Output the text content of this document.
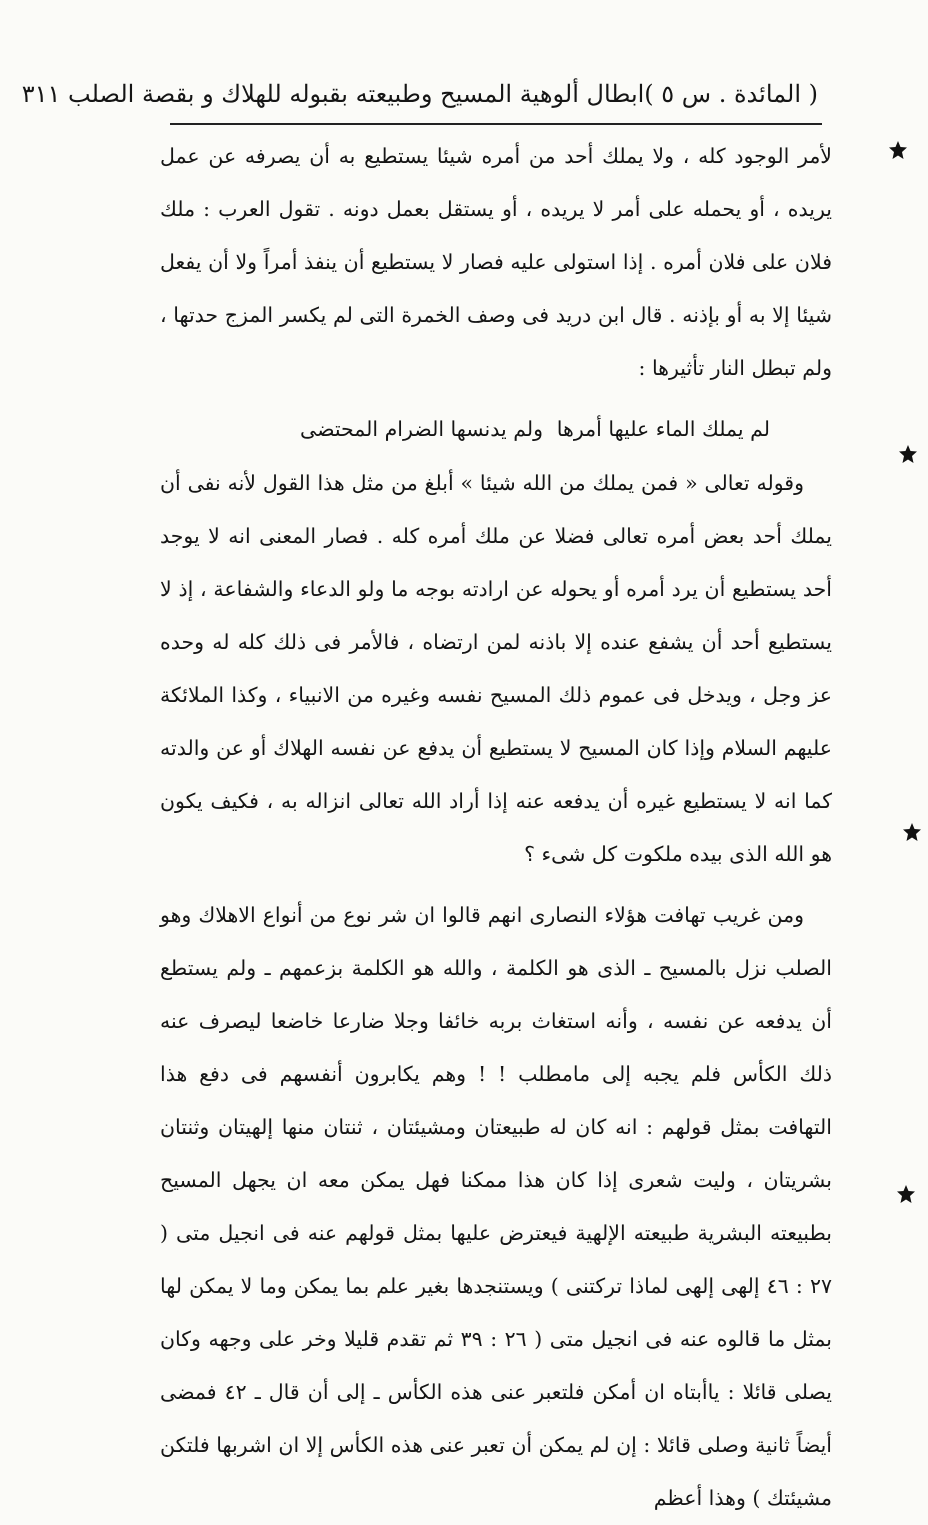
( المائدة . س ٥ )ابطال ألوهية المسيح وطبيعته بقبوله للهلاك و بقصة الصلب ٣١١

لأمر الوجود كله ، ولا يملك أحد من أمره شيئا يستطيع به أن يصرفه عن عمل يريده ، أو يحمله على أمر لا يريده ، أو يستقل بعمل دونه . تقول العرب : ملك فلان على فلان أمره . إذا استولى عليه فصار لا يستطيع أن ينفذ أمراً ولا أن يفعل شيئا إلا به أو بإذنه . قال ابن دريد فى وصف الخمرة التى لم يكسر المزج حدتها ، ولم تبطل النار تأثيرها :

لم يملك الماء عليها أمرها
ولم يدنسها الضرام المحتضى

وقوله تعالى « فمن يملك من الله شيئا » أبلغ من مثل هذا القول لأنه نفى أن يملك أحد بعض أمره تعالى فضلا عن ملك أمره كله . فصار المعنى انه لا يوجد أحد يستطيع أن يرد أمره أو يحوله عن ارادته بوجه ما ولو الدعاء والشفاعة ، إذ لا يستطيع أحد أن يشفع عنده إلا باذنه لمن ارتضاه ، فالأمر فى ذلك كله له وحده عز وجل ، ويدخل فى عموم ذلك المسيح نفسه وغيره من الانبياء ، وكذا الملائكة عليهم السلام وإذا كان المسيح لا يستطيع أن يدفع عن نفسه الهلاك أو عن والدته كما انه لا يستطيع غيره أن يدفعه عنه إذا أراد الله تعالى انزاله به ، فكيف يكون هو الله الذى بيده ملكوت كل شىء ؟

ومن غريب تهافت هؤلاء النصارى انهم قالوا ان شر نوع من أنواع الاهلاك وهو الصلب نزل بالمسيح ـ الذى هو الكلمة ، والله هو الكلمة بزعمهم ـ ولم يستطع أن يدفعه عن نفسه ، وأنه استغاث بربه خائفا وجلا ضارعا خاضعا ليصرف عنه ذلك الكأس فلم يجبه إلى مامطلب ! ! وهم يكابرون أنفسهم فى دفع هذا التهافت بمثل قولهم : انه كان له طبيعتان ومشيئتان ، ثنتان منها إلهيتان وثنتان بشريتان ، وليت شعرى إذا كان هذا ممكنا فهل يمكن معه ان يجهل المسيح بطبيعته البشرية طبيعته الإلهية فيعترض عليها بمثل قولهم عنه فى انجيل متى ( ٢٧ : ٤٦ إلهى إلهى لماذا تركتنى ) ويستنجدها بغير علم بما يمكن وما لا يمكن لها بمثل ما قالوه عنه فى انجيل متى ( ٢٦ : ٣٩ ثم تقدم قليلا وخر على وجهه وكان يصلى قائلا : ياأبتاه ان أمكن فلتعبر عنى هذه الكأس ـ إلى أن قال ـ ٤٢ فمضى أيضاً ثانية وصلى قائلا : إن لم يمكن أن تعبر عنى هذه الكأس إلا ان اشربها فلتكن مشيئتك ) وهذا أعظم
